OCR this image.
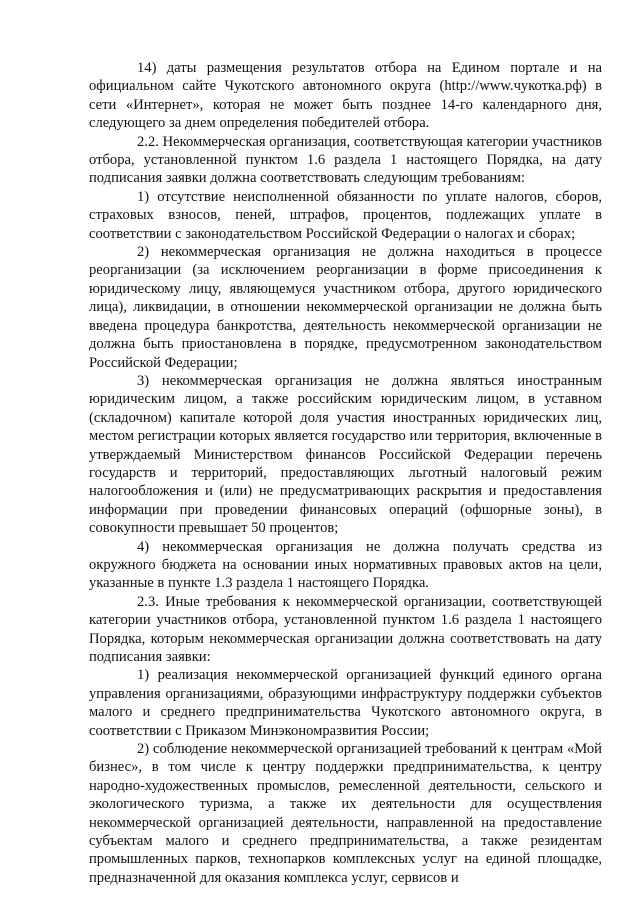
14) даты размещения результатов отбора на Едином портале и на официальном сайте Чукотского автономного округа (http://www.чукотка.рф) в сети «Интернет», которая не может быть позднее 14-го календарного дня, следующего за днем определения победителей отбора.

2.2. Некоммерческая организация, соответствующая категории участников отбора, установленной пунктом 1.6 раздела 1 настоящего Порядка, на дату подписания заявки должна соответствовать следующим требованиям:

1) отсутствие неисполненной обязанности по уплате налогов, сборов, страховых взносов, пеней, штрафов, процентов, подлежащих уплате в соответствии с законодательством Российской Федерации о налогах и сборах;

2) некоммерческая организация не должна находиться в процессе реорганизации (за исключением реорганизации в форме присоединения к юридическому лицу, являющемуся участником отбора, другого юридического лица), ликвидации, в отношении некоммерческой организации не должна быть введена процедура банкротства, деятельность некоммерческой организации не должна быть приостановлена в порядке, предусмотренном законодательством Российской Федерации;

3) некоммерческая организация не должна являться иностранным юридическим лицом, а также российским юридическим лицом, в уставном (складочном) капитале которой доля участия иностранных юридических лиц, местом регистрации которых является государство или территория, включенные в утверждаемый Министерством финансов Российской Федерации перечень государств и территорий, предоставляющих льготный налоговый режим налогообложения и (или) не предусматривающих раскрытия и предоставления информации при проведении финансовых операций (офшорные зоны), в совокупности превышает 50 процентов;

4) некоммерческая организация не должна получать средства из окружного бюджета на основании иных нормативных правовых актов на цели, указанные в пункте 1.3 раздела 1 настоящего Порядка.

2.3. Иные требования к некоммерческой организации, соответствующей категории участников отбора, установленной пунктом 1.6 раздела 1 настоящего Порядка, которым некоммерческая организации должна соответствовать на дату подписания заявки:

1) реализация некоммерческой организацией функций единого органа управления организациями, образующими инфраструктуру поддержки субъектов малого и среднего предпринимательства Чукотского автономного округа, в соответствии с Приказом Минэкономразвития России;

2) соблюдение некоммерческой организацией требований к центрам «Мой бизнес», в том числе к центру поддержки предпринимательства, к центру народно-художественных промыслов, ремесленной деятельности, сельского и экологического туризма, а также их деятельности для осуществления некоммерческой организацией деятельности, направленной на предоставление субъектам малого и среднего предпринимательства, а также резидентам промышленных парков, технопарков комплексных услуг на единой площадке, предназначенной для оказания комплекса услуг, сервисов и
